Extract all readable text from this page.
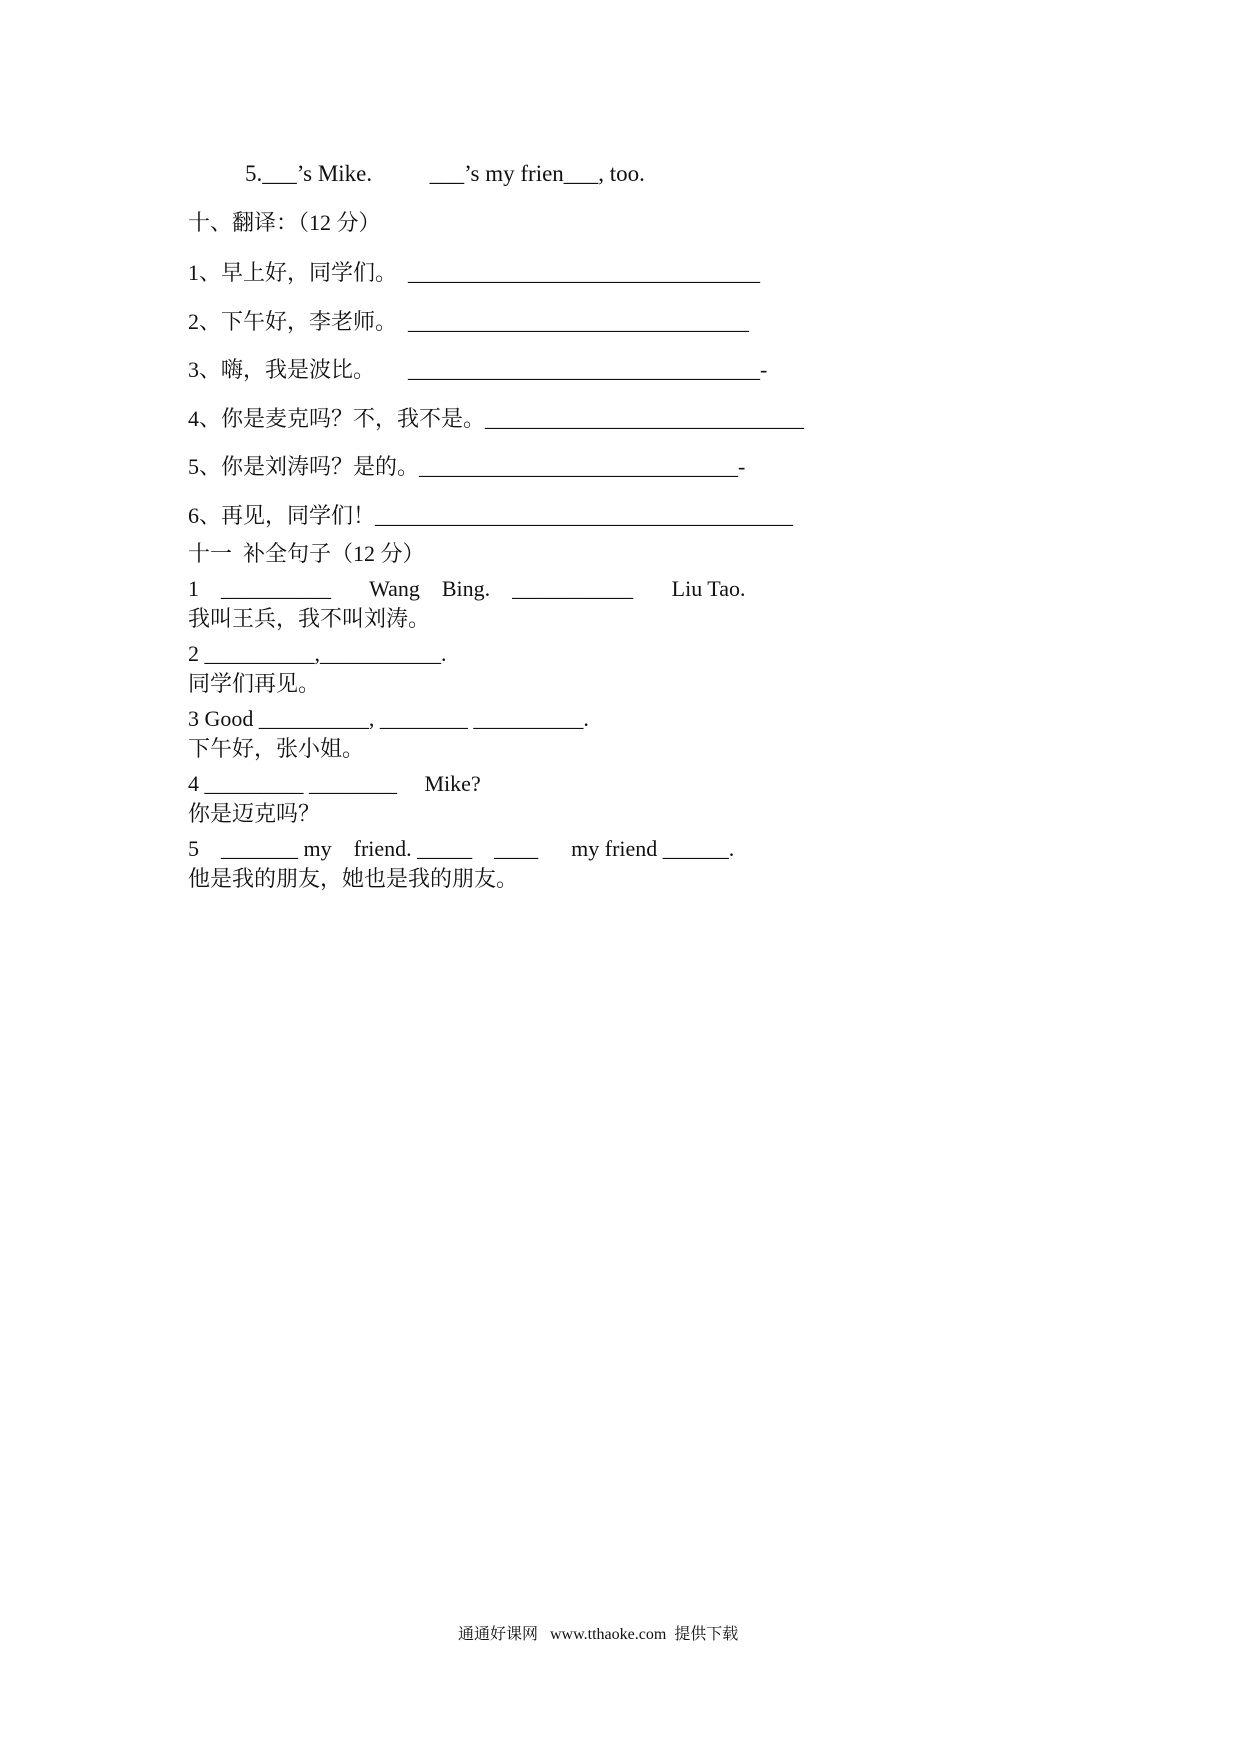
5.___’s Mike.          ___’s my frien___, too.
十、翻译：（12 分）
1、早上好，同学们。  ________________________________
2、下午好，李老师。  _______________________________
3、嗨，我是波比。      ________________________________-
4、你是麦克吗？不，我不是。_____________________________
5、你是刘涛吗？是的。_____________________________-
6、再见，同学们！______________________________________
十一  补全句子（12 分）
1    __________       Wang    Bing.    ___________       Liu Tao.
我叫王兵，我不叫刘涛。
2 __________,___________.
同学们再见。
3 Good __________, ________ __________.
下午好，张小姐。
4 _________ ________     Mike?
你是迈克吗？
5    _______ my    friend. _____    ____      my friend ______.
他是我的朋友，她也是我的朋友。
通通好课网   www.tthaoke.com  提供下载
